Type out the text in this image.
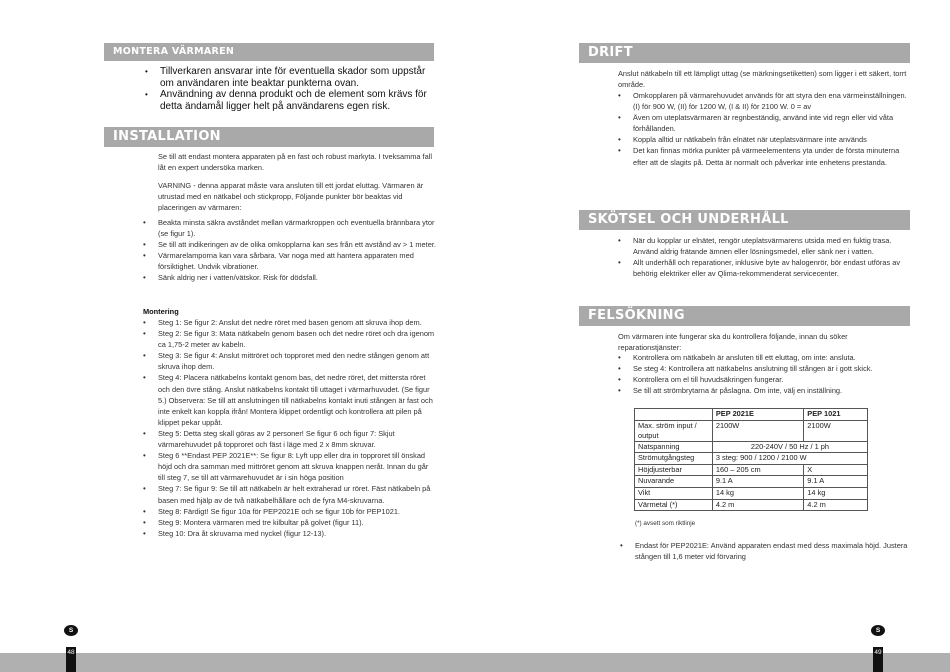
MONTERA VÄRMAREN
• Tillverkaren ansvarar inte för eventuella skador som uppstår om användaren inte beaktar punkterna ovan.
• Användning av denna produkt och de element som krävs för detta ändamål ligger helt på användarens egen risk.
INSTALLATION

Se till att endast montera apparaten på en fast och robust markyta. I tveksamma fall låt en expert undersöka marken.

VARNING - denna apparat måste vara ansluten till ett jordat eluttag. Värmaren är utrustad med en nätkabel och stickpropp, Följande punkter bör beaktas vid placeringen av värmaren:

• Beakta minsta säkra avståndet mellan värmarkroppen och eventuella brännbara ytor (se figur 1).
• Se till att indikeringen av de olika omkopplarna kan ses från ett avstånd av > 1 meter.
• Värmarelamporna kan vara sårbara. Var noga med att hantera apparaten med försiktighet. Undvik vibrationer.
• Sänk aldrig ner i vatten/vätskor. Risk för dödsfall.
Montering
• Steg 1: Se figur 2: Anslut det nedre röret med basen genom att skruva ihop dem.
• Steg 2: Se figur 3: Mata nätkabeln genom basen och det nedre röret och dra igenom ca 1,75-2 meter av kabeln.
• Steg 3: Se figur 4: Anslut mittröret och topproret med den nedre stången genom att skruva ihop dem.
• Steg 4: Placera nätkabelns kontakt genom bas, det nedre röret, det mittersta röret och den övre stång. Anslut nätkabelns kontakt till uttaget i värmarhuvudet. (Se figur 5.) Observera: Se till att anslutningen till nätkabelns kontakt inuti stången är fast och inte enkelt kan koppla ifrån! Montera klippet ordentligt och kontrollera att pilen på klippet pekar uppåt.
• Steg 5: Detta steg skall göras av 2 personer! Se figur 6 och figur 7: Skjut värmarehuvudet på topproret och fäst i läge med 2 x 8mm skruvar.
• Steg 6 **Endast PEP 2021E**: Se figur 8: Lyft upp eller dra in topproret till önskad höjd och dra samman med mittröret genom att skruva knappen neråt. Innan du går till steg 7, se till att värmarehuvudet är i sin höga position
• Steg 7: Se figur 9: Se till att nätkabeln är helt extraherad ur röret. Fäst nätkabeln på basen med hjälp av de två nätkabelhållare och de fyra M4-skruvarna.
• Steg 8: Färdigt! Se figur 10a för PEP2021E och se figur 10b för PEP1021.
• Steg 9: Montera värmaren med tre kilbultar på golvet (figur 11).
• Steg 10: Dra åt skruvarna med nyckel (figur 12-13).
S
48
DRIFT
Anslut nätkabeln till ett lämpligt uttag (se märkningsetiketten) som ligger i ett säkert, torrt område.
• Omkopplaren på värmarehuvudet används för att styra den ena värmeinställningen. (I) för 900 W, (II) för 1200 W, (I & II) för 2100 W. 0 = av
• Även om uteplatsvärmaren är regnbeständig, använd inte vid regn eller vid våta förhållanden.
• Koppla alltid ur nätkabeln från elnätet när uteplatsvärmare inte används
• Det kan finnas mörka punkter på värmeelementens yta under de första minuterna efter att de slagits på. Detta är normalt och påverkar inte enhetens prestanda.
SKÖTSEL OCH UNDERHÅLL
• När du kopplar ur elnätet, rengör uteplatsvärmarens utsida med en fuktig trasa. Använd aldrig frätande ämnen eller lösningsmedel, eller sänk ner i vatten.
• Allt underhåll och reparationer, inklusive byte av halogenrör, bör endast utföras av behörig elektriker eller av Qlima-rekommenderat servicecenter.
FELSÖKNING
Om värmaren inte fungerar ska du kontrollera följande, innan du söker reparationstjänster:
• Kontrollera om nätkabeln är ansluten till ett eluttag, om inte: ansluta.
• Se steg 4: Kontrollera att nätkabelns anslutning till stången är i gott skick.
• Kontrollera om el till huvudsäkringen fungerar.
• Se till att strömbrytarna är påslagna. Om inte, välj en inställning.
	PEP 2021E	PEP 1021
Max. ström input / output	2100W	2100W
Natspanning	220-240V / 50 Hz / 1 ph	
Strömutgångsteg	3 steg: 900 / 1200 / 2100 W	
Höjdjusterbar	160 – 205 cm	X
Nuvarande	9.1 A	9.1 A
Vikt	14 kg	14 kg
Värmetal (*)	4.2 m	4.2 m
(*) avsett som riktlinje
• Endast för PEP2021E: Använd apparaten endast med dess maximala höjd. Justera stången till 1,6 meter vid förvaring
S
49
